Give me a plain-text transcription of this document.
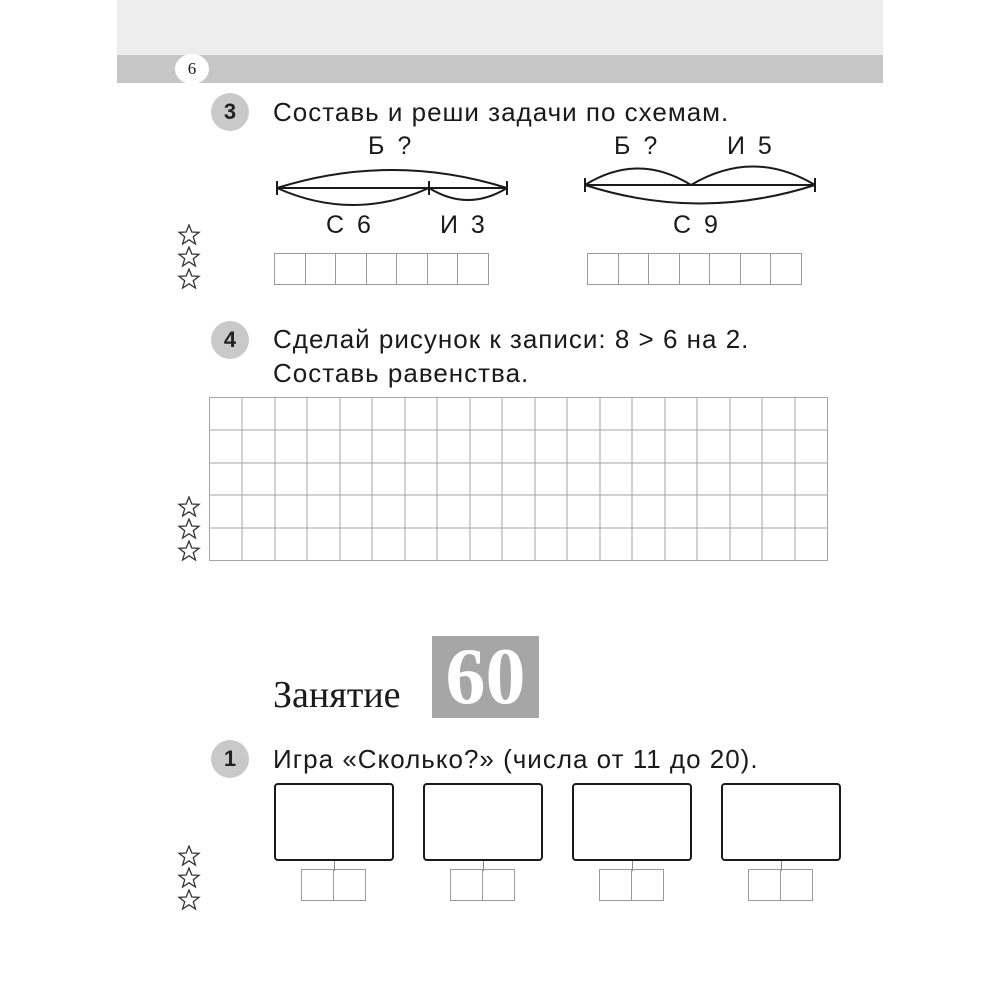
6
3	Составь и реши задачи по схемам.
Б ?
С 6	И 3
Б ?	И 5
С 9
4	Сделай рисунок к записи: 8 > 6 на 2.
Составь равенства.
Занятие 60
1	Игра «Сколько?» (числа от 11 до 20).
